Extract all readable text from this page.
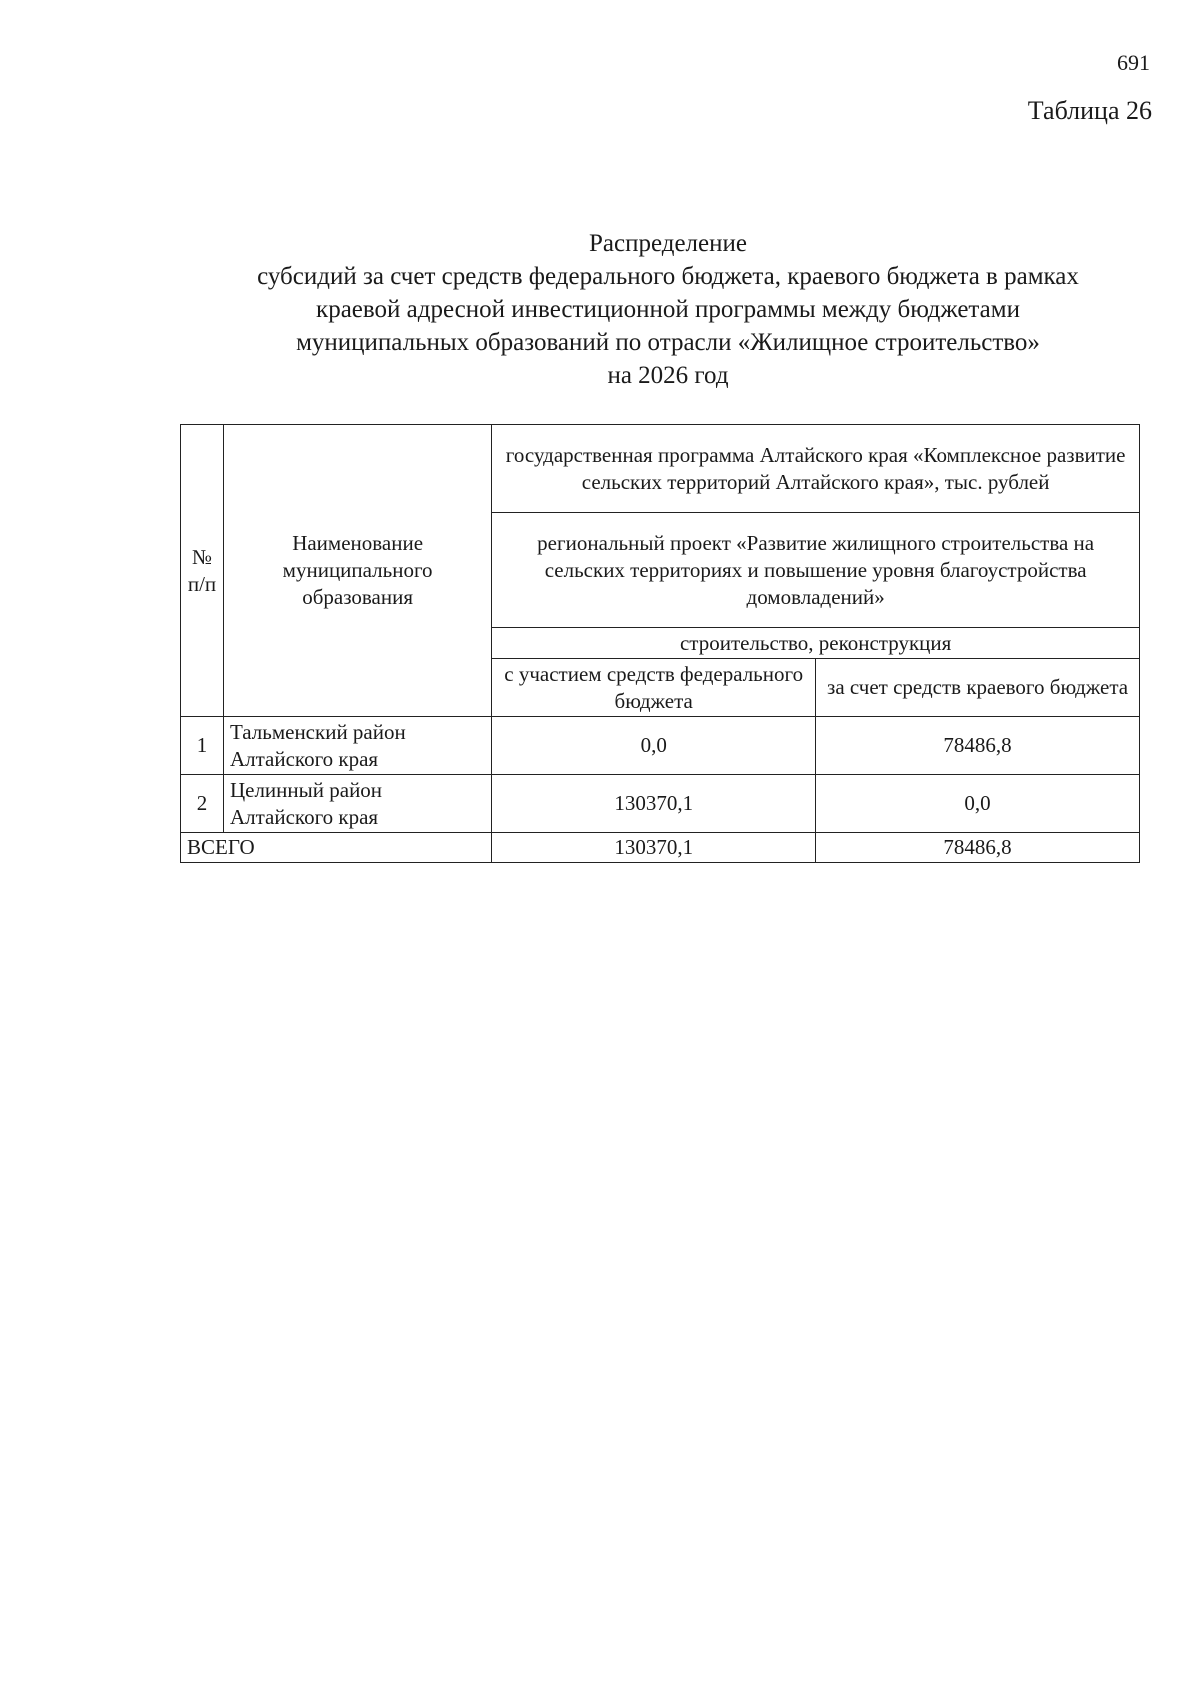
691
Таблица 26
Распределение
субсидий за счет средств федерального бюджета, краевого бюджета в рамках
краевой адресной инвестиционной программы между бюджетами
муниципальных образований по отрасли «Жилищное строительство»
на 2026 год
№ п/п	Наименование муниципального образования	государственная программа Алтайского края «Комплексное развитие сельских территорий Алтайского края», тыс. рублей	
		региональный проект «Развитие жилищного строительства на сельских территориях и повышение уровня благоустройства домовладений»	
		строительство, реконструкция	
		с участием средств федерального бюджета	за счет средств краевого бюджета
1	Тальменский район Алтайского края	0,0	78486,8
2	Целинный район Алтайского края	130370,1	0,0
ВСЕГО		130370,1	78486,8
